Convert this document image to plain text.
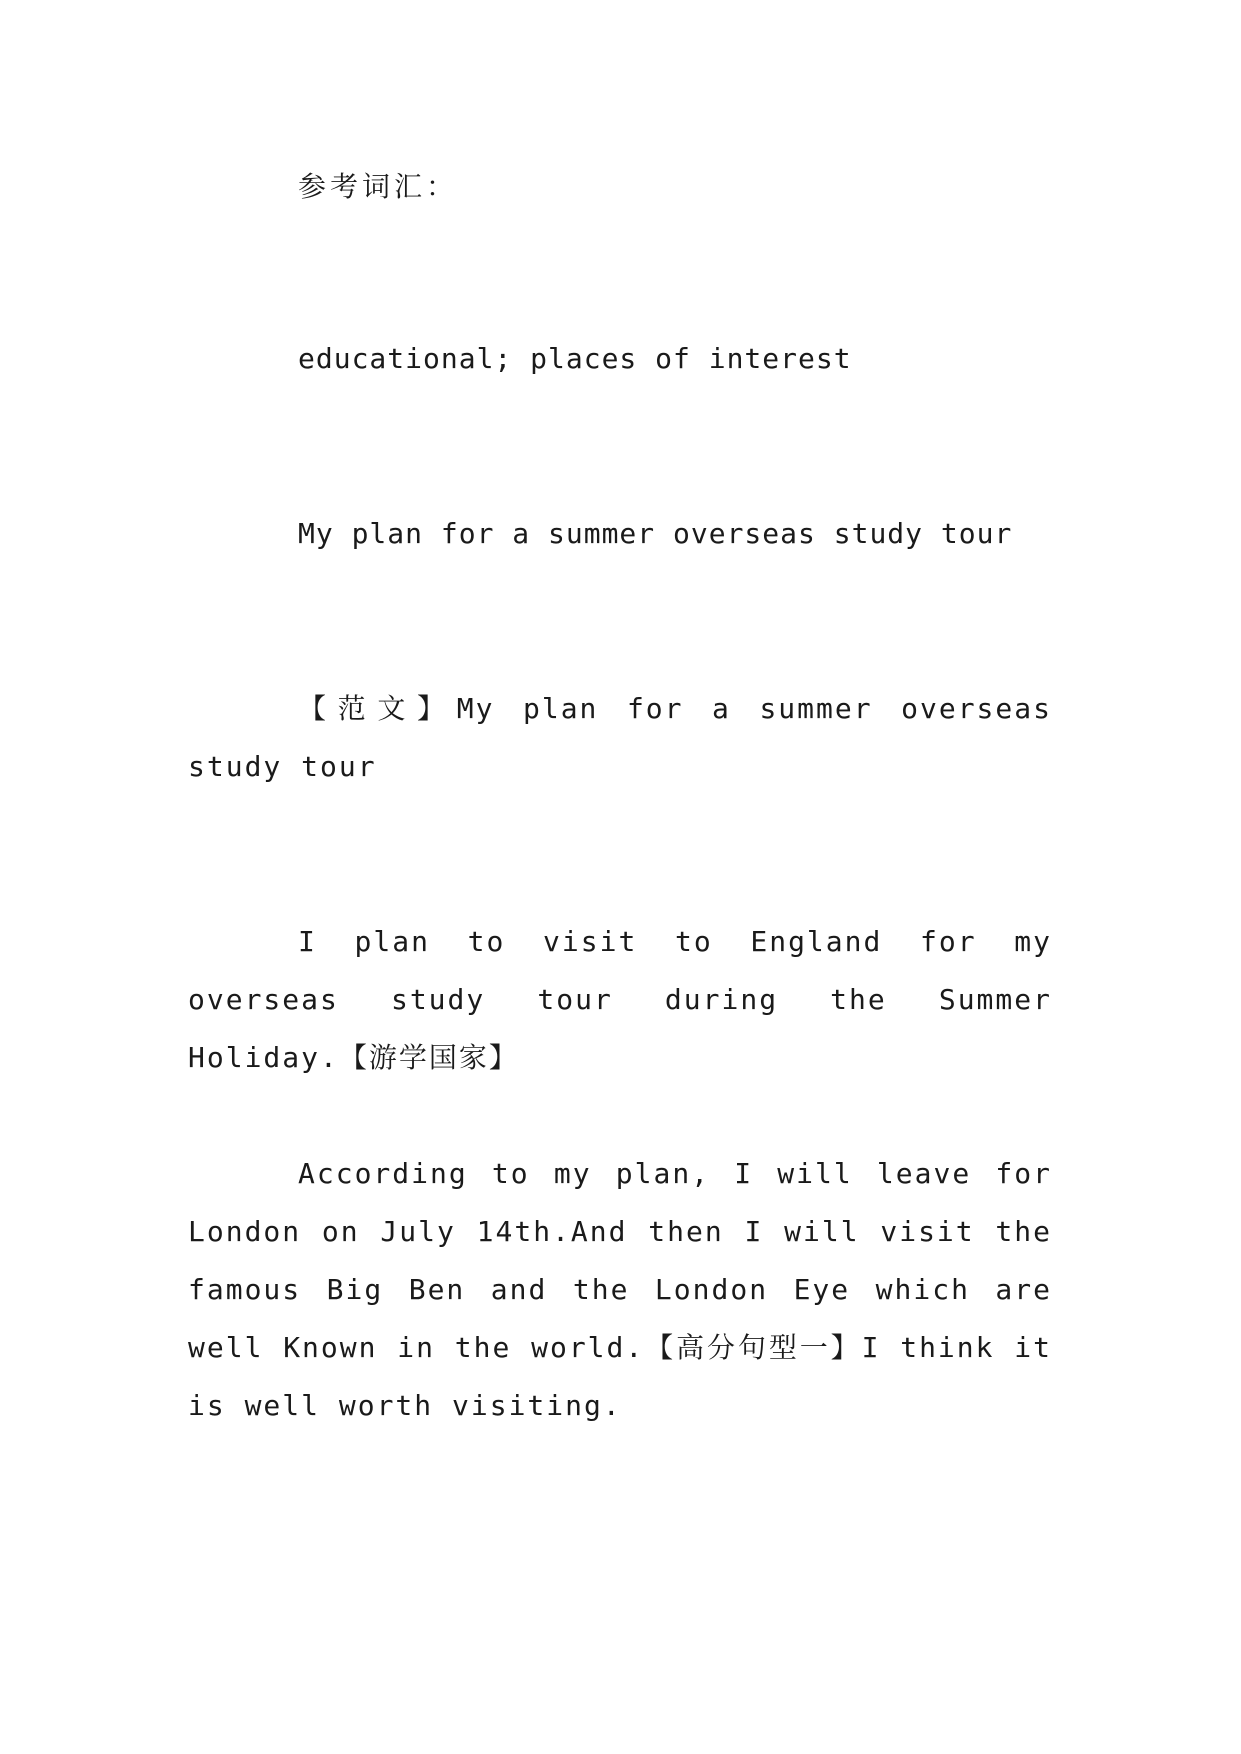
参考词汇：

educational; places of interest

My plan for a summer overseas study tour

【范文】My plan for a summer overseas study tour

I plan to visit to England for my overseas study tour during the Summer Holiday.【游学国家】

According to my plan, I will leave for London on July 14th.And then I will visit the famous Big Ben and the London Eye which are well Known in the world.【高分句型一】I think it is well worth visiting.
